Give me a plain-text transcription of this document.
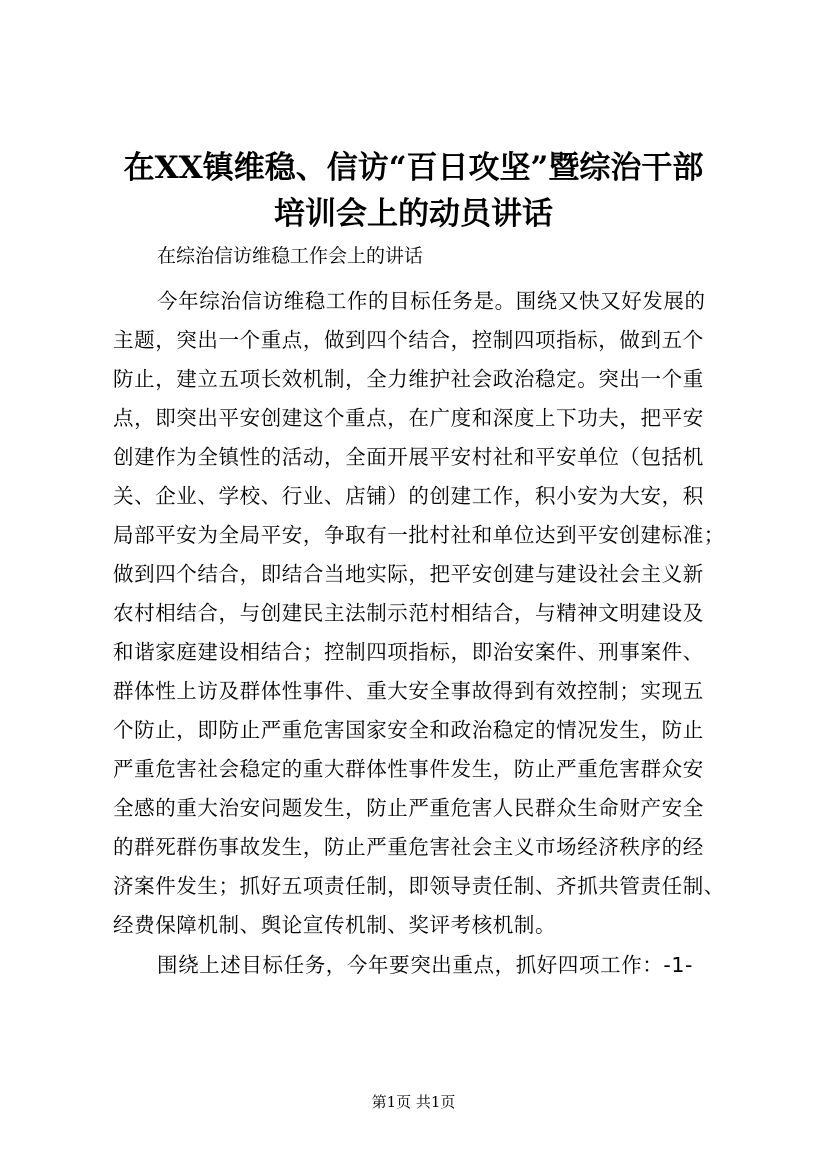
在XX镇维稳、信访“百日攻坚”暨综治干部
培训会上的动员讲话
在综治信访维稳工作会上的讲话
今年综治信访维稳工作的目标任务是。围绕又快又好发展的
主题，突出一个重点，做到四个结合，控制四项指标，做到五个
防止，建立五项长效机制，全力维护社会政治稳定。突出一个重
点，即突出平安创建这个重点，在广度和深度上下功夫，把平安
创建作为全镇性的活动，全面开展平安村社和平安单位（包括机
关、企业、学校、行业、店铺）的创建工作，积小安为大安，积
局部平安为全局平安，争取有一批村社和单位达到平安创建标准；
做到四个结合，即结合当地实际，把平安创建与建设社会主义新
农村相结合，与创建民主法制示范村相结合，与精神文明建设及
和谐家庭建设相结合；控制四项指标，即治安案件、刑事案件、
群体性上访及群体性事件、重大安全事故得到有效控制；实现五
个防止，即防止严重危害国家安全和政治稳定的情况发生，防止
严重危害社会稳定的重大群体性事件发生，防止严重危害群众安
全感的重大治安问题发生，防止严重危害人民群众生命财产安全
的群死群伤事故发生，防止严重危害社会主义市场经济秩序的经
济案件发生；抓好五项责任制，即领导责任制、齐抓共管责任制、
经费保障机制、舆论宣传机制、奖评考核机制。
围绕上述目标任务，今年要突出重点，抓好四项工作：-1-
第1页 共1页
